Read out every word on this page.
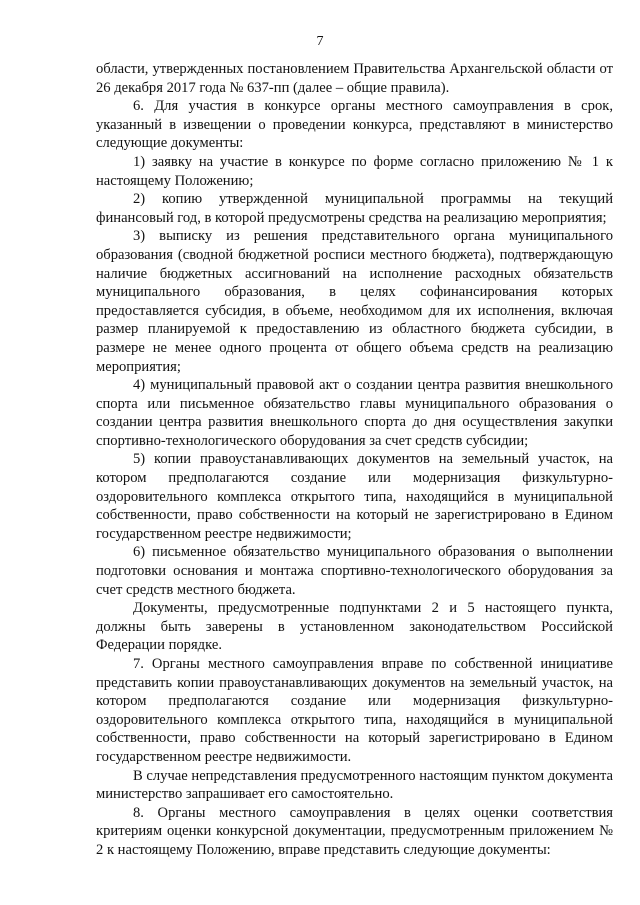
7

области, утвержденных постановлением Правительства Архангельской области от 26 декабря 2017 года № 637-пп (далее – общие правила).

6. Для участия в конкурсе органы местного самоуправления в срок, указанный в извещении о проведении конкурса, представляют в министерство следующие документы:

1) заявку на участие в конкурсе по форме согласно приложению № 1 к настоящему Положению;

2) копию утвержденной муниципальной программы на текущий финансовый год, в которой предусмотрены средства на реализацию мероприятия;

3) выписку из решения представительного органа муниципального образования (сводной бюджетной росписи местного бюджета), подтверждающую наличие бюджетных ассигнований на исполнение расходных обязательств муниципального образования, в целях софинансирования которых предоставляется субсидия, в объеме, необходимом для их исполнения, включая размер планируемой к предоставлению из областного бюджета субсидии, в размере не менее одного процента от общего объема средств на реализацию мероприятия;

4) муниципальный правовой акт о создании центра развития внешкольного спорта или письменное обязательство главы муниципального образования о создании центра развития внешкольного спорта до дня осуществления закупки спортивно-технологического оборудования за счет средств субсидии;

5) копии правоустанавливающих документов на земельный участок, на котором предполагаются создание или модернизация физкультурно-оздоровительного комплекса открытого типа, находящийся в муниципальной собственности, право собственности на который не зарегистрировано в Едином государственном реестре недвижимости;

6) письменное обязательство муниципального образования о выполнении подготовки основания и монтажа спортивно-технологического оборудования за счет средств местного бюджета.

Документы, предусмотренные подпунктами 2 и 5 настоящего пункта, должны быть заверены в установленном законодательством Российской Федерации порядке.

7. Органы местного самоуправления вправе по собственной инициативе представить копии правоустанавливающих документов на земельный участок, на котором предполагаются создание или модернизация физкультурно-оздоровительного комплекса открытого типа, находящийся в муниципальной собственности, право собственности на который зарегистрировано в Едином государственном реестре недвижимости.

В случае непредставления предусмотренного настоящим пунктом документа министерство запрашивает его самостоятельно.

8. Органы местного самоуправления в целях оценки соответствия критериям оценки конкурсной документации, предусмотренным приложением № 2 к настоящему Положению, вправе представить следующие документы:
